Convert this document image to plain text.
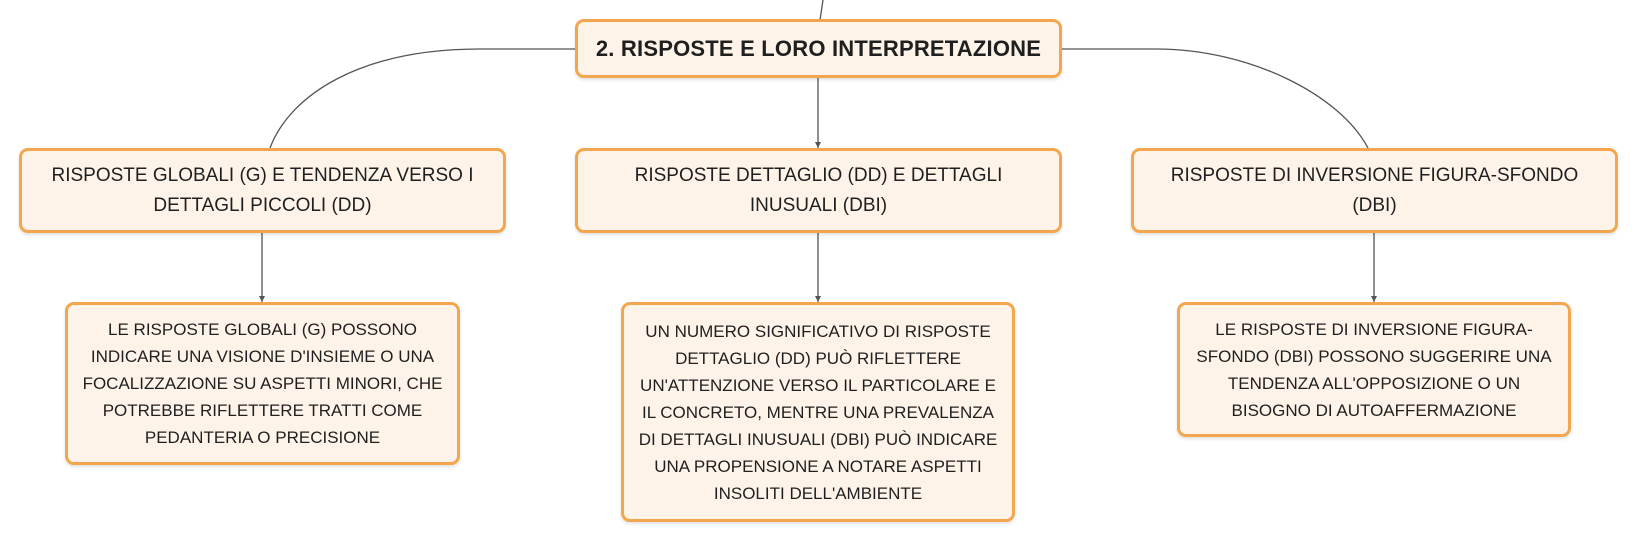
2. RISPOSTE E LORO INTERPRETAZIONE
RISPOSTE GLOBALI (G) E TENDENZA VERSO I DETTAGLI PICCOLI (DD)
RISPOSTE DETTAGLIO (DD) E DETTAGLI INUSUALI (DBI)
RISPOSTE DI INVERSIONE FIGURA-SFONDO (DBI)
LE RISPOSTE GLOBALI (G) POSSONO INDICARE UNA VISIONE D'INSIEME O UNA FOCALIZZAZIONE SU ASPETTI MINORI, CHE POTREBBE RIFLETTERE TRATTI COME PEDANTERIA O PRECISIONE
UN NUMERO SIGNIFICATIVO DI RISPOSTE DETTAGLIO (DD) PUÒ RIFLETTERE UN'ATTENZIONE VERSO IL PARTICOLARE E IL CONCRETO, MENTRE UNA PREVALENZA DI DETTAGLI INUSUALI (DBI) PUÒ INDICARE UNA PROPENSIONE A NOTARE ASPETTI INSOLITI DELL'AMBIENTE
LE RISPOSTE DI INVERSIONE FIGURA-SFONDO (DBI) POSSONO SUGGERIRE UNA TENDENZA ALL'OPPOSIZIONE O UN BISOGNO DI AUTOAFFERMAZIONE
